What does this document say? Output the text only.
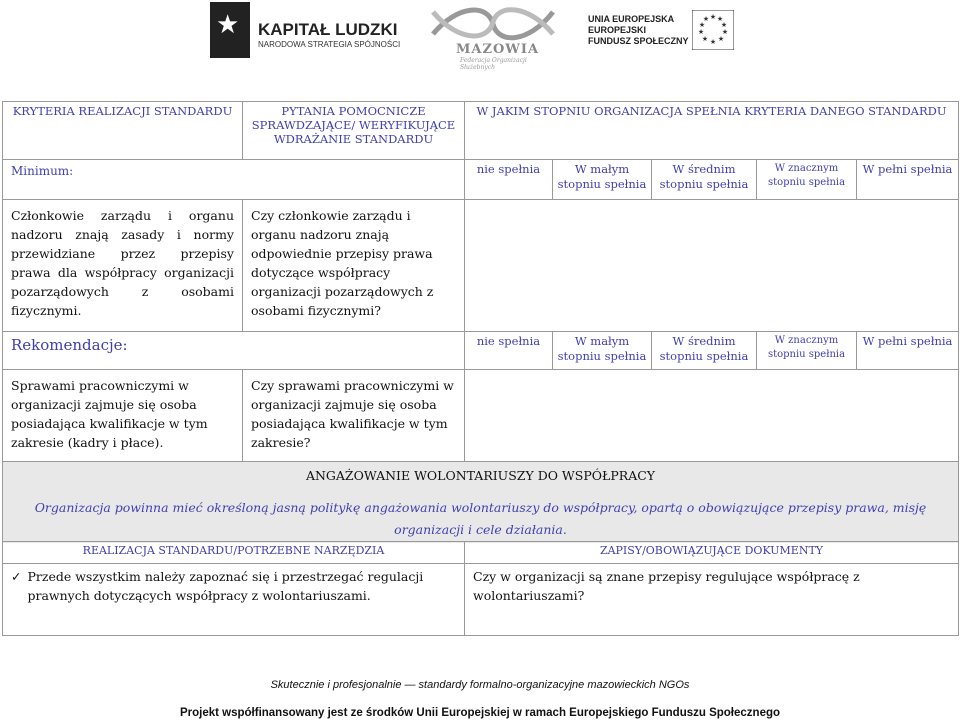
★ KAPITAŁ LUDZKI
NARODOWA STRATEGIA SPÓJNOŚCI	MAZOWIA
Federacja Organizacji Służebnych
UNIA EUROPEJSKA
EUROPEJSKI
FUNDUSZ SPOŁECZNY
★ ★
★
★
★
★
★
★
★
★
KRYTERIA REALIZACJI STANDARDU	PYTANIA POMOCNICZE SPRAWDZAJĄCE/ WERYFIKUJĄCE WDRAŻANIE STANDARDU	W JAKIM STOPNIU ORGANIZACJA SPEŁNIA KRYTERIA DANEGO STANDARDU				
Minimum:		nie spełnia	W małym stopniu spełnia	W średnim stopniu spełnia	W znacznym stopniu spełnia	W pełni spełnia
Członkowie zarządu i organu nadzoru znają zasady i normy przewidziane przez przepisy prawa dla współpracy organizacji pozarządowych z osobami fizycznymi.	Czy członkowie zarządu i organu nadzoru znają odpowiednie przepisy prawa dotyczące współpracy organizacji pozarządowych z osobami fizycznymi?					
Rekomendacje:		nie spełnia	W małym stopniu spełnia	W średnim stopniu spełnia	W znacznym stopniu spełnia	W pełni spełnia
Sprawami pracowniczymi w organizacji zajmuje się osoba posiadająca kwalifikacje w tym zakresie (kadry i płace).	Czy sprawami pracowniczymi w organizacji zajmuje się osoba posiadająca kwalifikacje w tym zakresie?					

ANGAŻOWANIE WOLONTARIUSZY DO WSPÓŁPRACY
Organizacja powinna mieć określoną jasną politykę angażowania wolontariuszy do współpracy, opartą o obowiązujące przepisy prawa, misję organizacji i cele działania.						
REALIZACJA STANDARDU/POTRZEBNE NARZĘDZIA	ZAPISY/OBOWIĄZUJĄCE DOKUMENTY

✓ Przede wszystkim należy zapoznać się i przestrzegać regulacji prawnych dotyczących współpracy z wolontariuszami.	Czy w organizacji są znane przepisy regulujące współpracę z wolontariuszami?
Skutecznie i profesjonalnie — standardy formalno-organizacyjne mazowieckich NGOs
Projekt współfinansowany jest ze środków Unii Europejskiej w ramach Europejskiego Funduszu Społecznego
